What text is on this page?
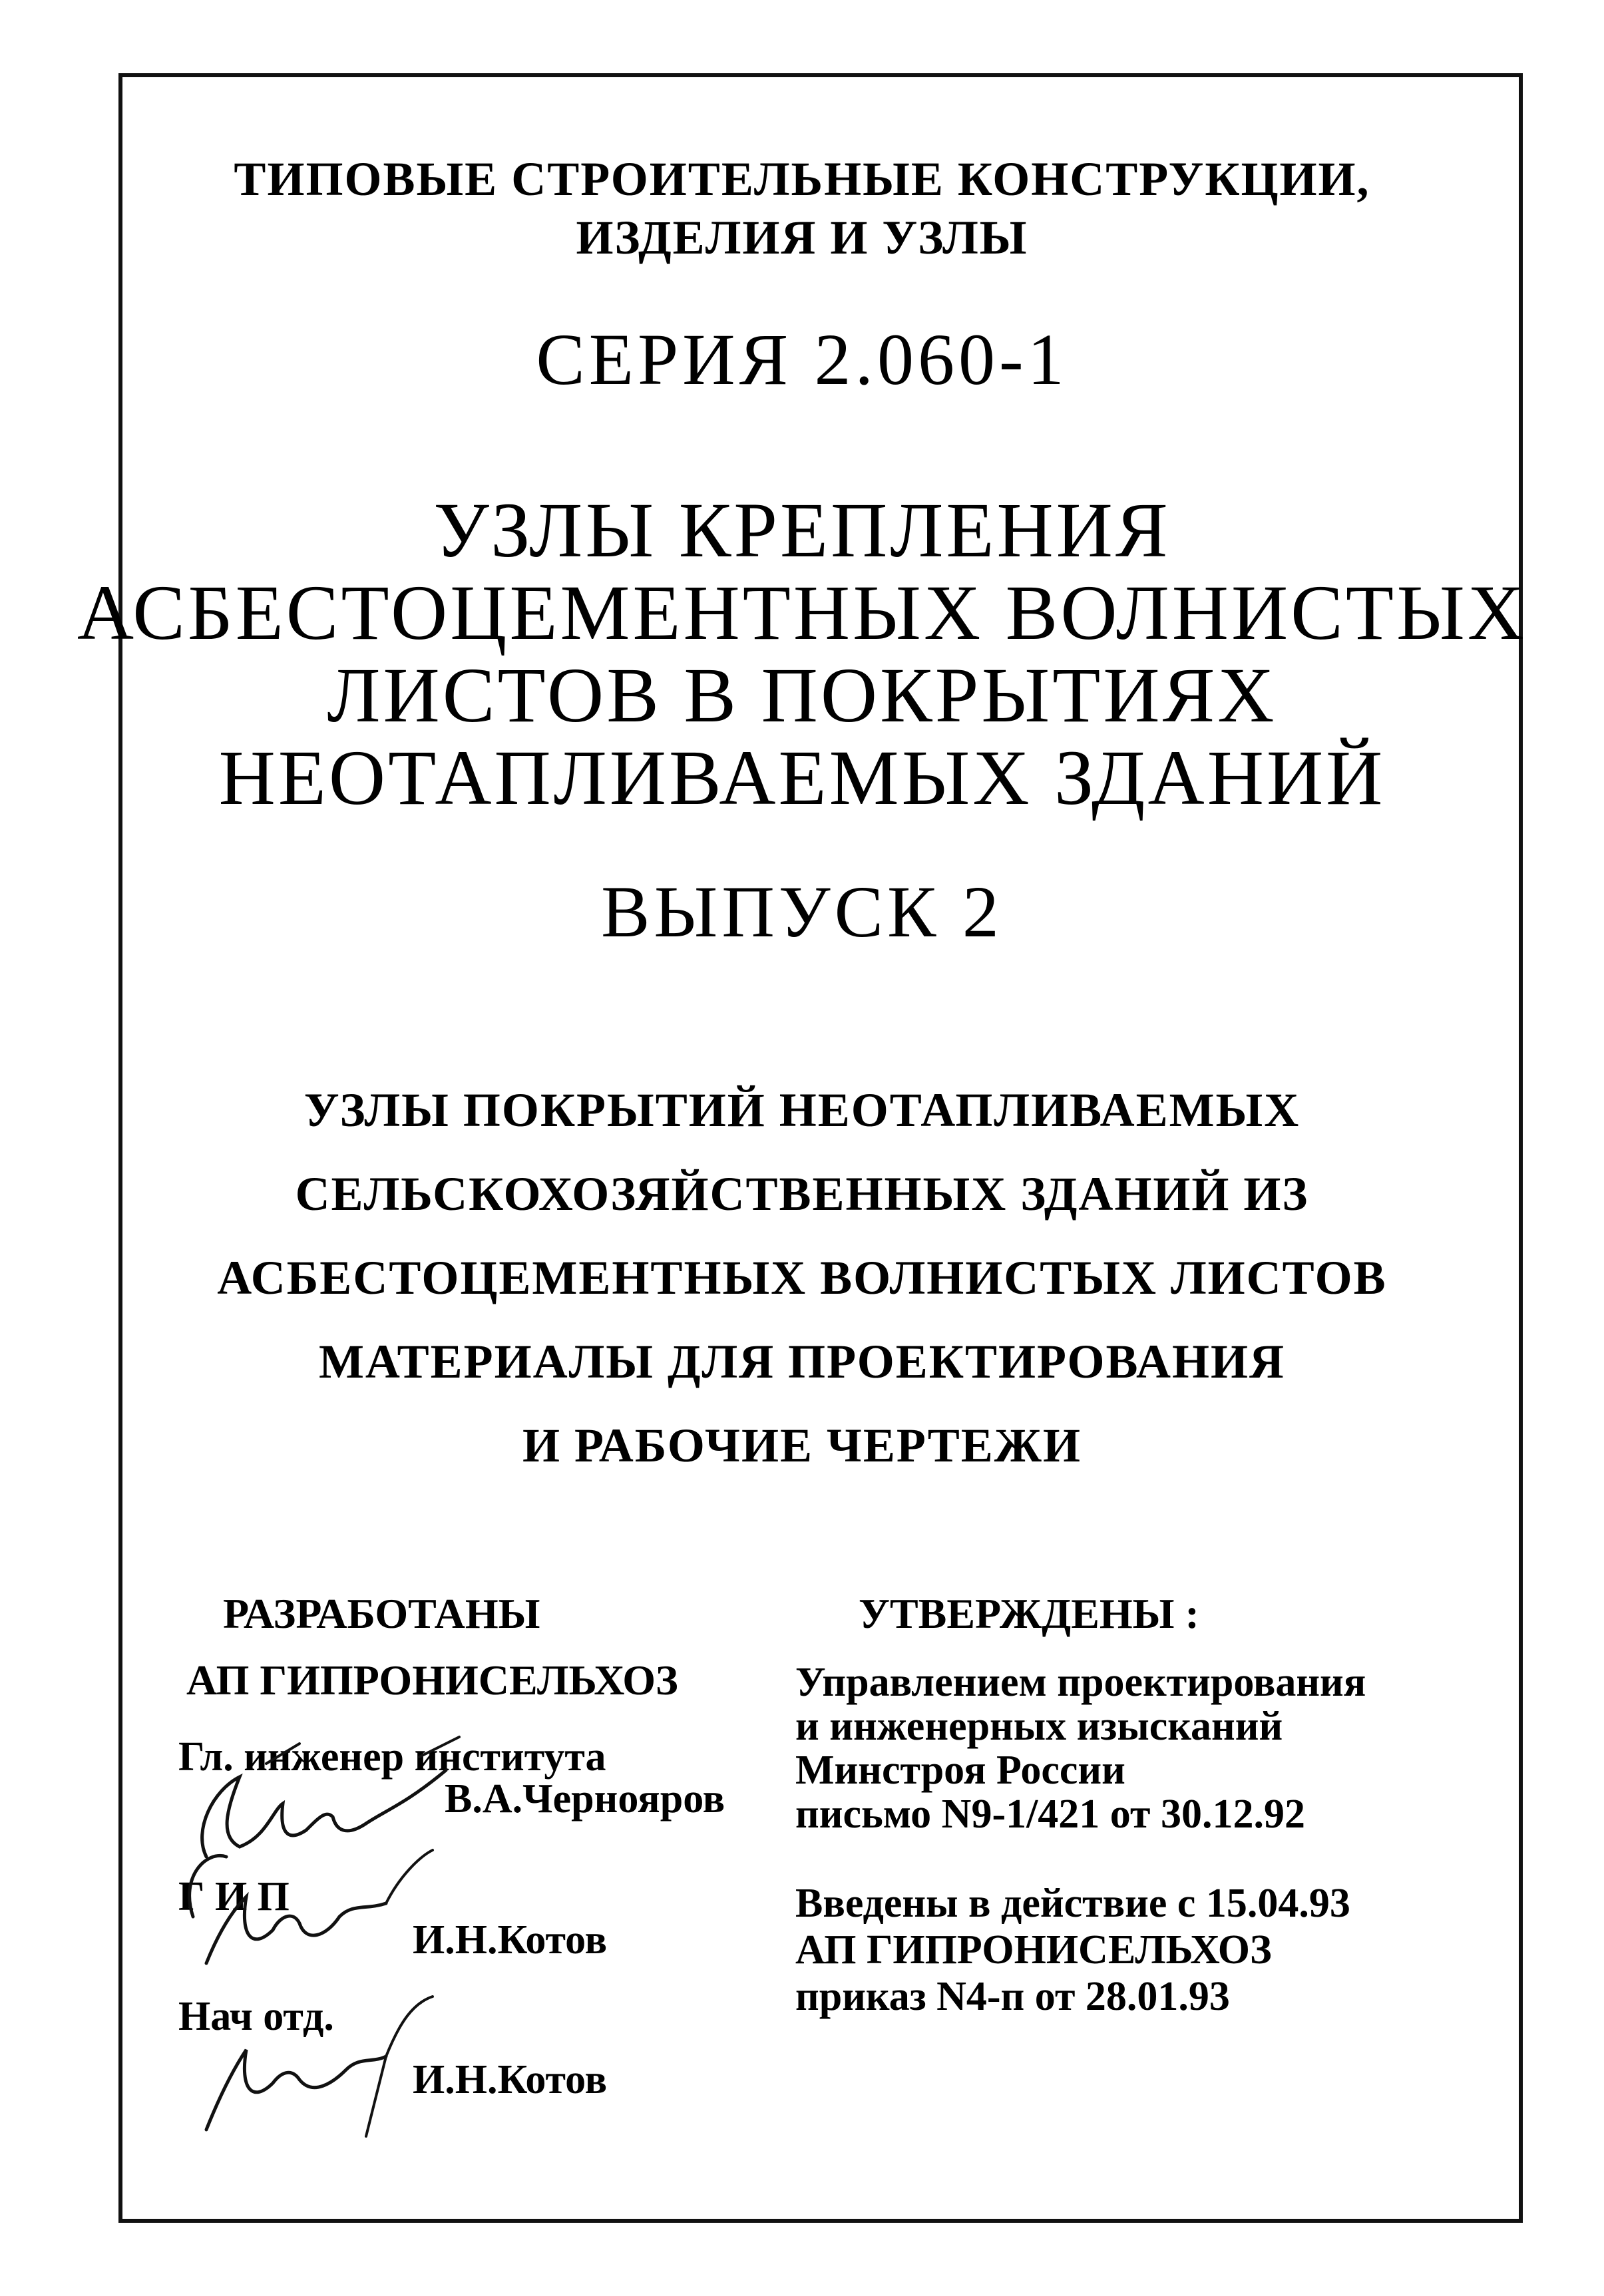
ТИПОВЫЕ СТРОИТЕЛЬНЫЕ КОНСТРУКЦИИ,
ИЗДЕЛИЯ И УЗЛЫ
СЕРИЯ 2.060-1
УЗЛЫ КРЕПЛЕНИЯ
АСБЕСТОЦЕМЕНТНЫХ ВОЛНИСТЫХ
ЛИСТОВ В ПОКРЫТИЯХ
НЕОТАПЛИВАЕМЫХ ЗДАНИЙ
ВЫПУСК 2
УЗЛЫ ПОКРЫТИЙ НЕОТАПЛИВАЕМЫХ
СЕЛЬСКОХОЗЯЙСТВЕННЫХ ЗДАНИЙ ИЗ
АСБЕСТОЦЕМЕНТНЫХ ВОЛНИСТЫХ ЛИСТОВ
МАТЕРИАЛЫ ДЛЯ ПРОЕКТИРОВАНИЯ
И РАБОЧИЕ ЧЕРТЕЖИ
РАЗРАБОТАНЫ
АП ГИПРОНИСЕЛЬХОЗ
Гл. инженер института
В.А.Чернояров
Г И П
И.Н.Котов
Нач отд.
И.Н.Котов
УТВЕРЖДЕНЫ :
Управлением проектирования
и инженерных изысканий
Минстроя России
письмо N9-1/421 от 30.12.92
Введены в действие с 15.04.93
АП ГИПРОНИСЕЛЬХОЗ
приказ N4-п от 28.01.93
